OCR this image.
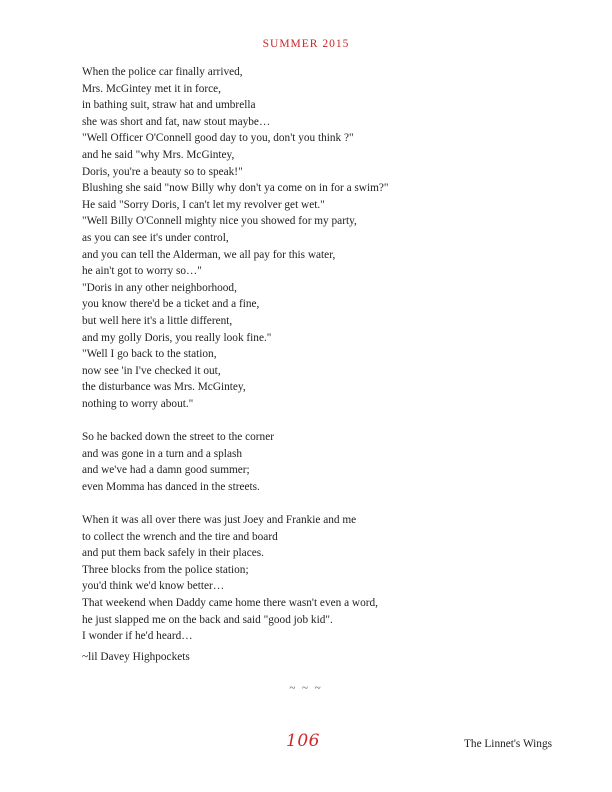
SUMMER 2015
When the police car finally arrived,
Mrs. McGintey met it in force,
in bathing suit, straw hat and umbrella
she was short and fat, naw stout maybe…
"Well Officer O'Connell good day to you, don't you think ?"
and he said "why Mrs. McGintey,
Doris, you're a beauty so to speak!"
Blushing she said "now Billy why don't ya come on in for a swim?"
He said "Sorry Doris, I can't let my revolver get wet."
"Well Billy O'Connell mighty nice you showed for my party,
as you can see it's under control,
and you can tell the Alderman, we all pay for this water,
he ain't got to worry so…"
"Doris in any other neighborhood,
you know there'd be a ticket and a fine,
but well here it's a little different,
and my golly Doris, you really look fine."
"Well I go back to the station,
now see 'in I've checked it out,
the disturbance was Mrs. McGintey,
nothing to worry about."
So he backed down the street to the corner
and was gone in a turn and a splash
and we've had a damn good summer;
even Momma has danced in the streets.
When it was all over there was just Joey and Frankie and me
to collect the wrench and the tire and board
and put them back safely in their places.
Three blocks from the police station;
you'd think we'd know better…
That weekend when Daddy came home there wasn't even a word,
he just slapped me on the back and said "good job kid".
I wonder if he'd heard…
~lil Davey Highpockets
~ ~ ~
106	The Linnet's Wings
